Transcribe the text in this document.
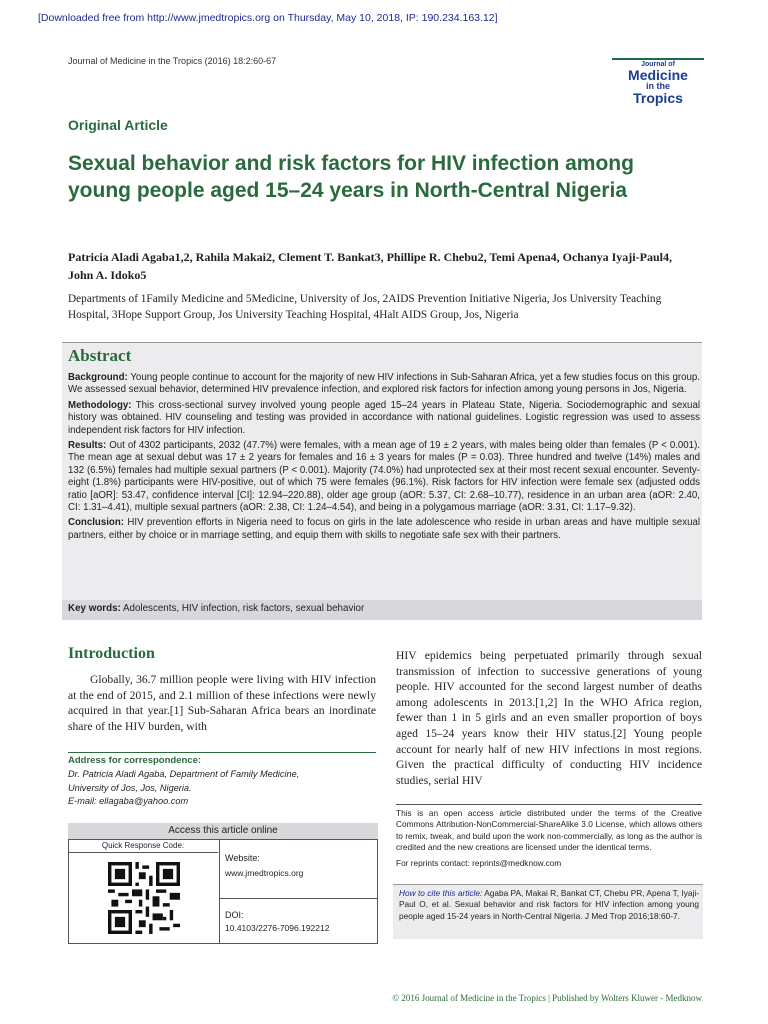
[Downloaded free from http://www.jmedtropics.org on Thursday, May 10, 2018, IP: 190.234.163.12]
Journal of Medicine in the Tropics (2016) 18:2:60-67	Journal of
Medicine
in the
Tropics
Original Article
Sexual behavior and risk factors for HIV infection among young people aged 15–24 years in North-Central Nigeria
Patricia Aladi Agaba1,2, Rahila Makai2, Clement T. Bankat3, Phillipe R. Chebu2, Temi Apena4, Ochanya Iyaji-Paul4, John A. Idoko5
Departments of 1Family Medicine and 5Medicine, University of Jos, 2AIDS Prevention Initiative Nigeria, Jos University Teaching Hospital, 3Hope Support Group, Jos University Teaching Hospital, 4Halt AIDS Group, Jos, Nigeria
Abstract

Background: Young people continue to account for the majority of new HIV infections in Sub-Saharan Africa, yet a few studies focus on this group. We assessed sexual behavior, determined HIV prevalence infection, and explored risk factors for infection among young persons in Jos, Nigeria.

Methodology: This cross-sectional survey involved young people aged 15–24 years in Plateau State, Nigeria. Sociodemographic and sexual history was obtained. HIV counseling and testing was provided in accordance with national guidelines. Logistic regression was used to assess independent risk factors for HIV infection.

Results: Out of 4302 participants, 2032 (47.7%) were females, with a mean age of 19 ± 2 years, with males being older than females (P < 0.001). The mean age at sexual debut was 17 ± 2 years for females and 16 ± 3 years for males (P = 0.03). Three hundred and twelve (14%) males and 132 (6.5%) females had multiple sexual partners (P < 0.001). Majority (74.0%) had unprotected sex at their most recent sexual encounter. Seventy-eight (1.8%) participants were HIV-positive, out of which 75 were females (96.1%). Risk factors for HIV infection were female sex (adjusted odds ratio [aOR]: 53.47, confidence interval [CI]: 12.94–220.88), older age group (aOR: 5.37, CI: 2.68–10.77), residence in an urban area (aOR: 2.40, CI: 1.31–4.41), multiple sexual partners (aOR: 2.38, CI: 1.24–4.54), and being in a polygamous marriage (aOR: 3.31, CI: 1.17–9.32).

Conclusion: HIV prevention efforts in Nigeria need to focus on girls in the late adolescence who reside in urban areas and have multiple sexual partners, either by choice or in marriage setting, and equip them with skills to negotiate safe sex with their partners.

Key words: Adolescents, HIV infection, risk factors, sexual behavior
Introduction
Globally, 36.7 million people were living with HIV infection at the end of 2015, and 2.1 million of these infections were newly acquired in that year.[1] Sub-Saharan Africa bears an inordinate share of the HIV burden, with
HIV epidemics being perpetuated primarily through sexual transmission of infection to successive generations of young people. HIV accounted for the second largest number of deaths among adolescents in 2013.[1,2] In the WHO Africa region, fewer than 1 in 5 girls and an even smaller proportion of boys aged 15–24 years know their HIV status.[2] Young people account for nearly half of new HIV infections in most regions. Given the practical difficulty of conducting HIV incidence studies, serial HIV
Address for correspondence:
Dr. Patricia Aladi Agaba, Department of Family Medicine,
University of Jos, Jos, Nigeria.
E-mail: ellagaba@yahoo.com
Access this article online
Quick Response Code:
Website:
www.jmedtropics.org
DOI:
10.4103/2276-7096.192212
This is an open access article distributed under the terms of the Creative Commons Attribution-NonCommercial-ShareAlike 3.0 License, which allows others to remix, tweak, and build upon the work non-commercially, as long as the author is credited and the new creations are licensed under the identical terms.
For reprints contact: reprints@medknow.com
How to cite this article: Agaba PA, Makai R, Bankat CT, Chebu PR, Apena T, Iyaji-Paul O, et al. Sexual behavior and risk factors for HIV infection among young people aged 15-24 years in North-Central Nigeria. J Med Trop 2016;18:60-7.
© 2016 Journal of Medicine in the Tropics | Published by Wolters Kluwer - Medknow
